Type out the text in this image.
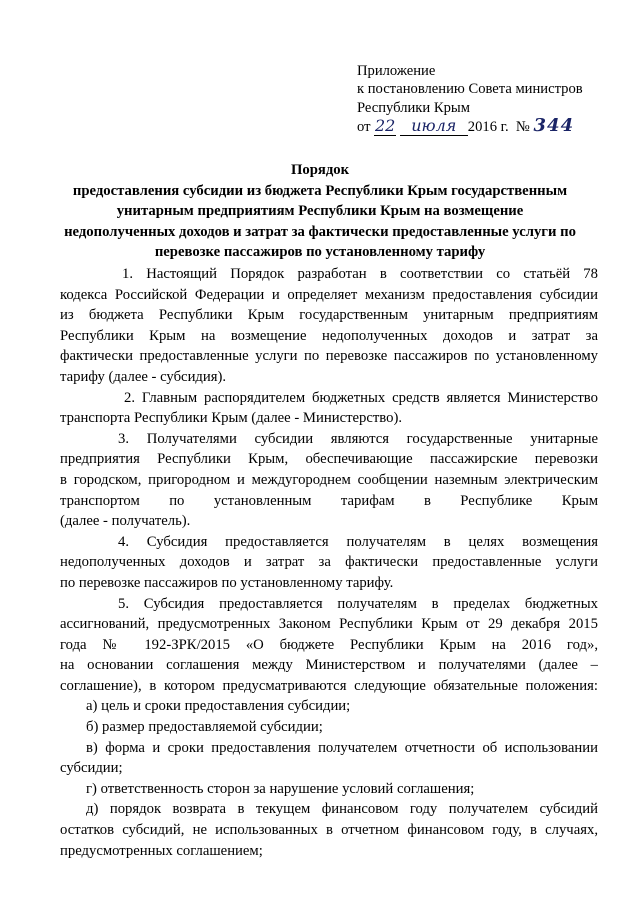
Приложение
к постановлению Совета министров
Республики Крым
от 22 июля 2016 г. № 344
Порядок
предоставления субсидии из бюджета Республики Крым государственным
унитарным предприятиям Республики Крым на возмещение
недополученных доходов и затрат за фактически предоставленные услуги по
перевозке пассажиров по установленному тарифу
1. Настоящий Порядок разработан в соответствии со статьёй 78
кодекса Российской Федерации и определяет механизм предоставления субсидии
из бюджета Республики Крым государственным унитарным предприятиям
Республики Крым на возмещение недополученных доходов и затрат за
фактически предоставленные услуги по перевозке пассажиров по установленному
тарифу (далее - субсидия).
2. Главным распорядителем бюджетных средств является Министерство
транспорта Республики Крым (далее - Министерство).
3. Получателями субсидии являются государственные унитарные
предприятия Республики Крым, обеспечивающие пассажирские перевозки
в городском, пригородном и междугороднем сообщении наземным электрическим
транспортом по установленным тарифам в Республике Крым
(далее - получатель).
4. Субсидия предоставляется получателям в целях возмещения
недополученных доходов и затрат за фактически предоставленные услуги
по перевозке пассажиров по установленному тарифу.
5. Субсидия предоставляется получателям в пределах бюджетных
ассигнований, предусмотренных Законом Республики Крым от 29 декабря 2015
года № 192-ЗРК/2015 «О бюджете Республики Крым на 2016 год»,
на основании соглашения между Министерством и получателями (далее –
соглашение), в котором предусматриваются следующие обязательные положения:
а) цель и сроки предоставления субсидии;
б) размер предоставляемой субсидии;
в) форма и сроки предоставления получателем отчетности об использовании
субсидии;
г) ответственность сторон за нарушение условий соглашения;
д) порядок возврата в текущем финансовом году получателем субсидий
остатков субсидий, не использованных в отчетном финансовом году, в случаях,
предусмотренных соглашением;
